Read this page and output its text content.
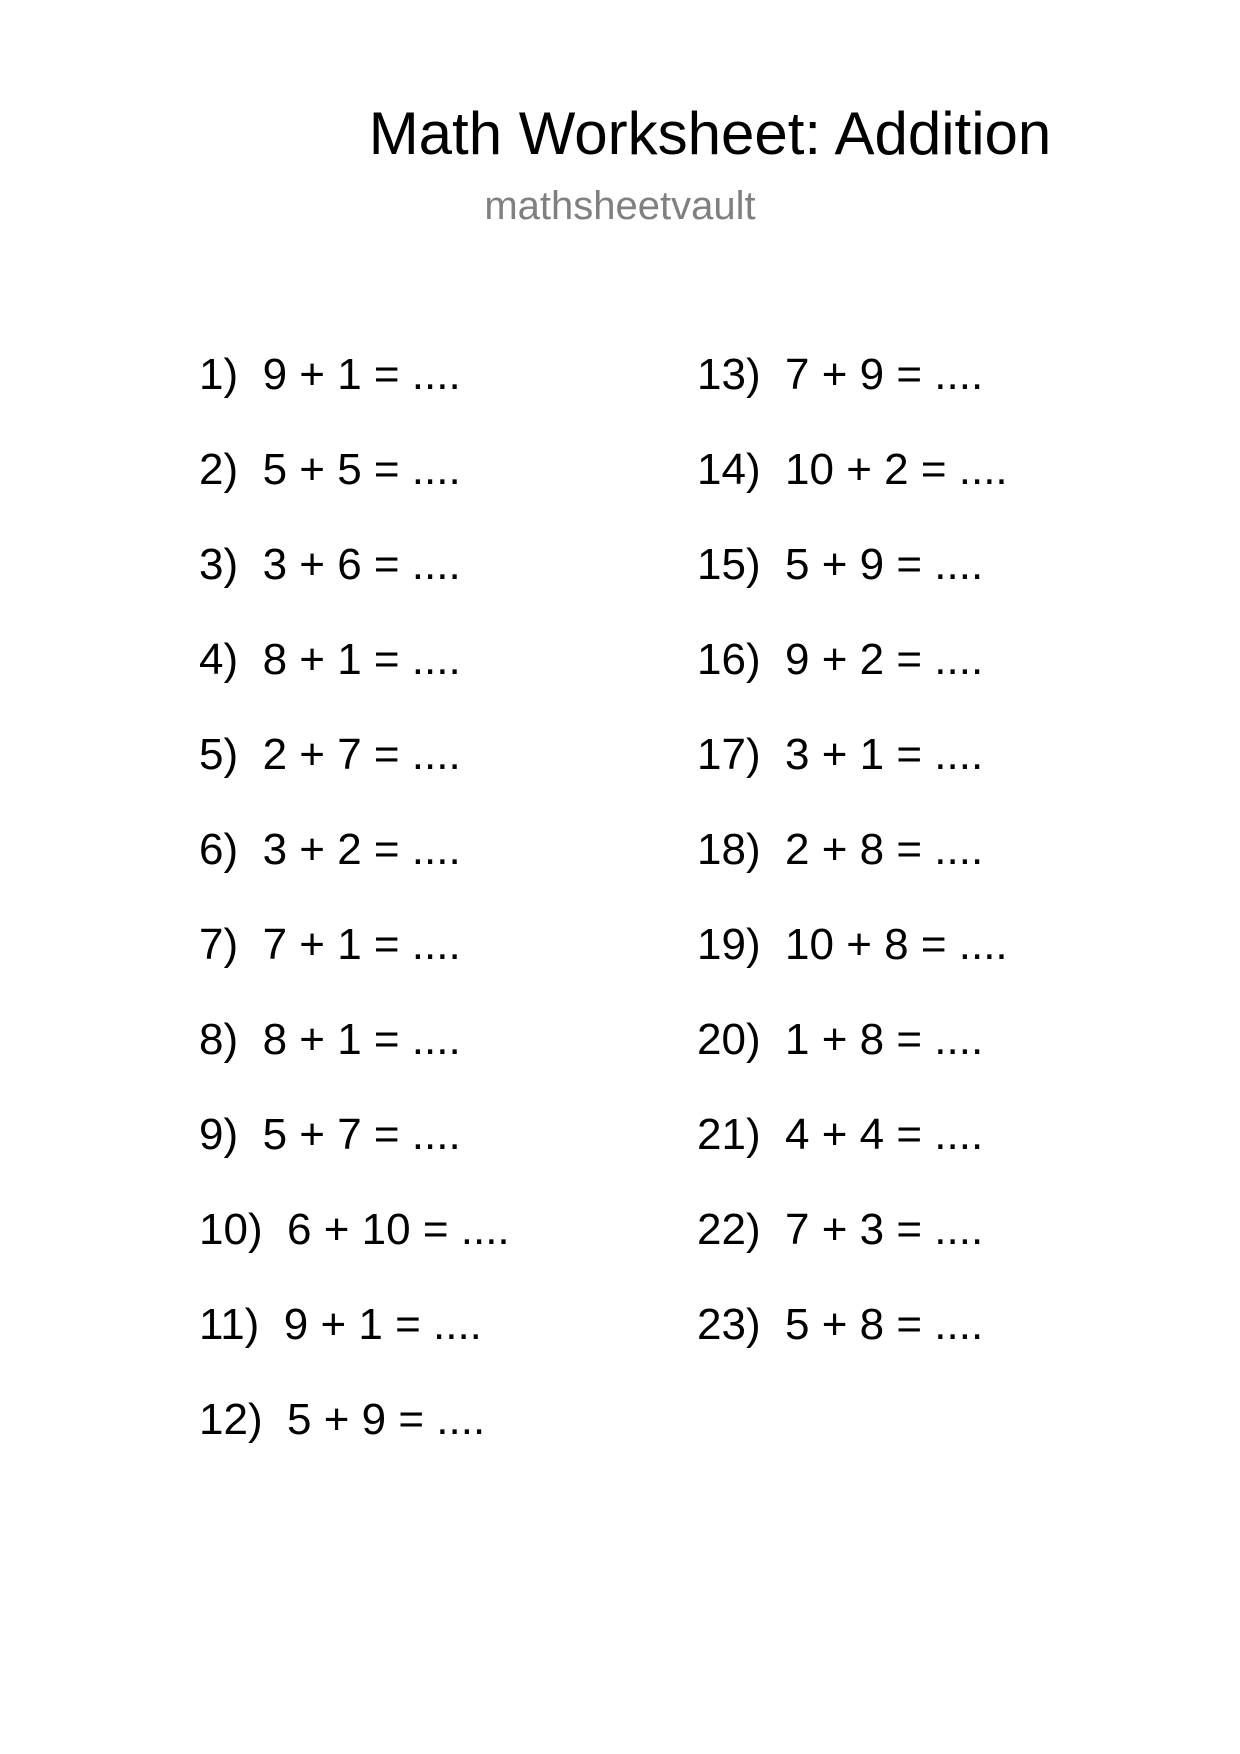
Math Worksheet: Addition
mathsheetvault
1)  9 + 1 = ....
2)  5 + 5 = ....
3)  3 + 6 = ....
4)  8 + 1 = ....
5)  2 + 7 = ....
6)  3 + 2 = ....
7)  7 + 1 = ....
8)  8 + 1 = ....
9)  5 + 7 = ....
10)  6 + 10 = ....
11)  9 + 1 = ....
12)  5 + 9 = ....
13)  7 + 9 = ....
14)  10 + 2 = ....
15)  5 + 9 = ....
16)  9 + 2 = ....
17)  3 + 1 = ....
18)  2 + 8 = ....
19)  10 + 8 = ....
20)  1 + 8 = ....
21)  4 + 4 = ....
22)  7 + 3 = ....
23)  5 + 8 = ....
